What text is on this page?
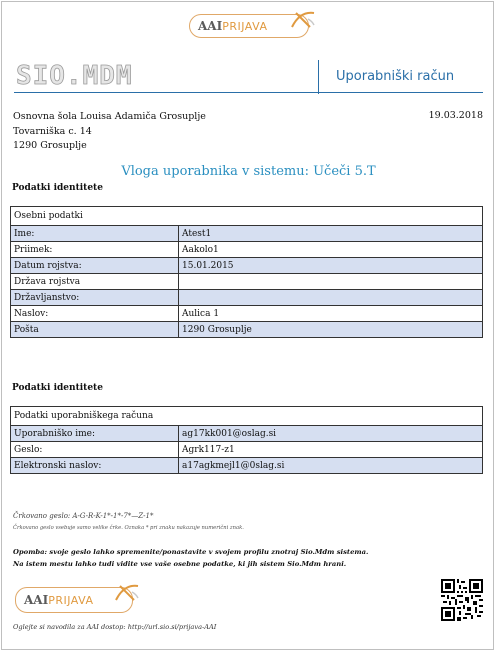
AAI PRIJAVA
SIO.MDM	Uporabniški račun
Osnovna šola Louisa Adamiča Grosuplje
Tovarniška c. 14
1290 Grosuplje
19.03.2018
Vloga uporabnika v sistemu: Učeči 5.T
Podatki identitete
Osebni podatki	
Ime:	Atest1
Priimek:	Aakolo1
Datum rojstva:	15.01.2015
Država rojstva	
Državljanstvo:	
Naslov:	Aulica 1
Pošta	1290 Grosuplje
Podatki identitete
Podatki uporabniškega računa	
Uporabniško ime:	ag17kk001@oslag.si
Geslo:	Agrk117-z1
Elektronski naslov:	a17agkmejl1@0slag.si
Črkovano geslo: A-G-R-K-1*-1*-7*—Z-1*
Črkovano geslo vsebuje samo velike črke. Oznaka * pri znaku nakazuje numerični znak.
Opomba: svoje geslo lahko spremenite/ponastavite v svojem profilu znotraj Sio.Mdm sistema.
Na istem mestu lahko tudi vidite vse vaše osebne podatke, ki jih sistem Sio.Mdm hrani.
AAI PRIJAVA
Oglejte si navodila za AAI dostop: http://url.sio.si/prijava-AAI
